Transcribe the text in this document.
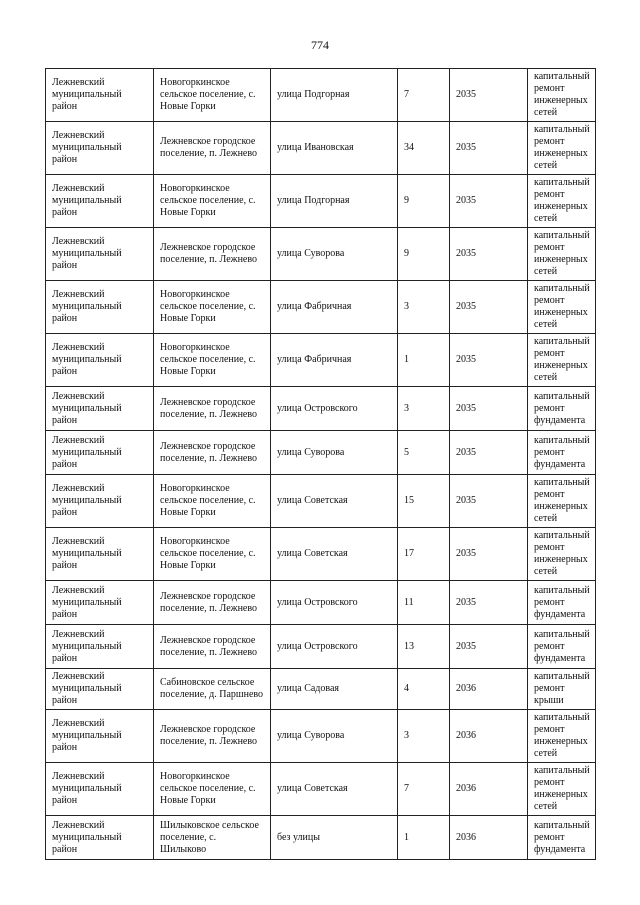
774
Лежневский муниципальный район	Новогоркинское сельское поселение, с. Новые Горки	улица Подгорная	7	2035	капитальный ремонт инженерных сетей
Лежневский муниципальный район	Лежневское городское поселение, п. Лежнево	улица Ивановская	34	2035	капитальный ремонт инженерных сетей
Лежневский муниципальный район	Новогоркинское сельское поселение, с. Новые Горки	улица Подгорная	9	2035	капитальный ремонт инженерных сетей
Лежневский муниципальный район	Лежневское городское поселение, п. Лежнево	улица Суворова	9	2035	капитальный ремонт инженерных сетей
Лежневский муниципальный район	Новогоркинское сельское поселение, с. Новые Горки	улица Фабричная	3	2035	капитальный ремонт инженерных сетей
Лежневский муниципальный район	Новогоркинское сельское поселение, с. Новые Горки	улица Фабричная	1	2035	капитальный ремонт инженерных сетей
Лежневский муниципальный район	Лежневское городское поселение, п. Лежнево	улица Островского	3	2035	капитальный ремонт фундамента
Лежневский муниципальный район	Лежневское городское поселение, п. Лежнево	улица Суворова	5	2035	капитальный ремонт фундамента
Лежневский муниципальный район	Новогоркинское сельское поселение, с. Новые Горки	улица Советская	15	2035	капитальный ремонт инженерных сетей
Лежневский муниципальный район	Новогоркинское сельское поселение, с. Новые Горки	улица Советская	17	2035	капитальный ремонт инженерных сетей
Лежневский муниципальный район	Лежневское городское поселение, п. Лежнево	улица Островского	11	2035	капитальный ремонт фундамента
Лежневский муниципальный район	Лежневское городское поселение, п. Лежнево	улица Островского	13	2035	капитальный ремонт фундамента
Лежневский муниципальный район	Сабиновское сельское поселение, д. Паршнево	улица Садовая	4	2036	капитальный ремонт крыши
Лежневский муниципальный район	Лежневское городское поселение, п. Лежнево	улица Суворова	3	2036	капитальный ремонт инженерных сетей
Лежневский муниципальный район	Новогоркинское сельское поселение, с. Новые Горки	улица Советская	7	2036	капитальный ремонт инженерных сетей
Лежневский муниципальный район	Шилыковское сельское поселение, с. Шилыково	без улицы	1	2036	капитальный ремонт фундамента
